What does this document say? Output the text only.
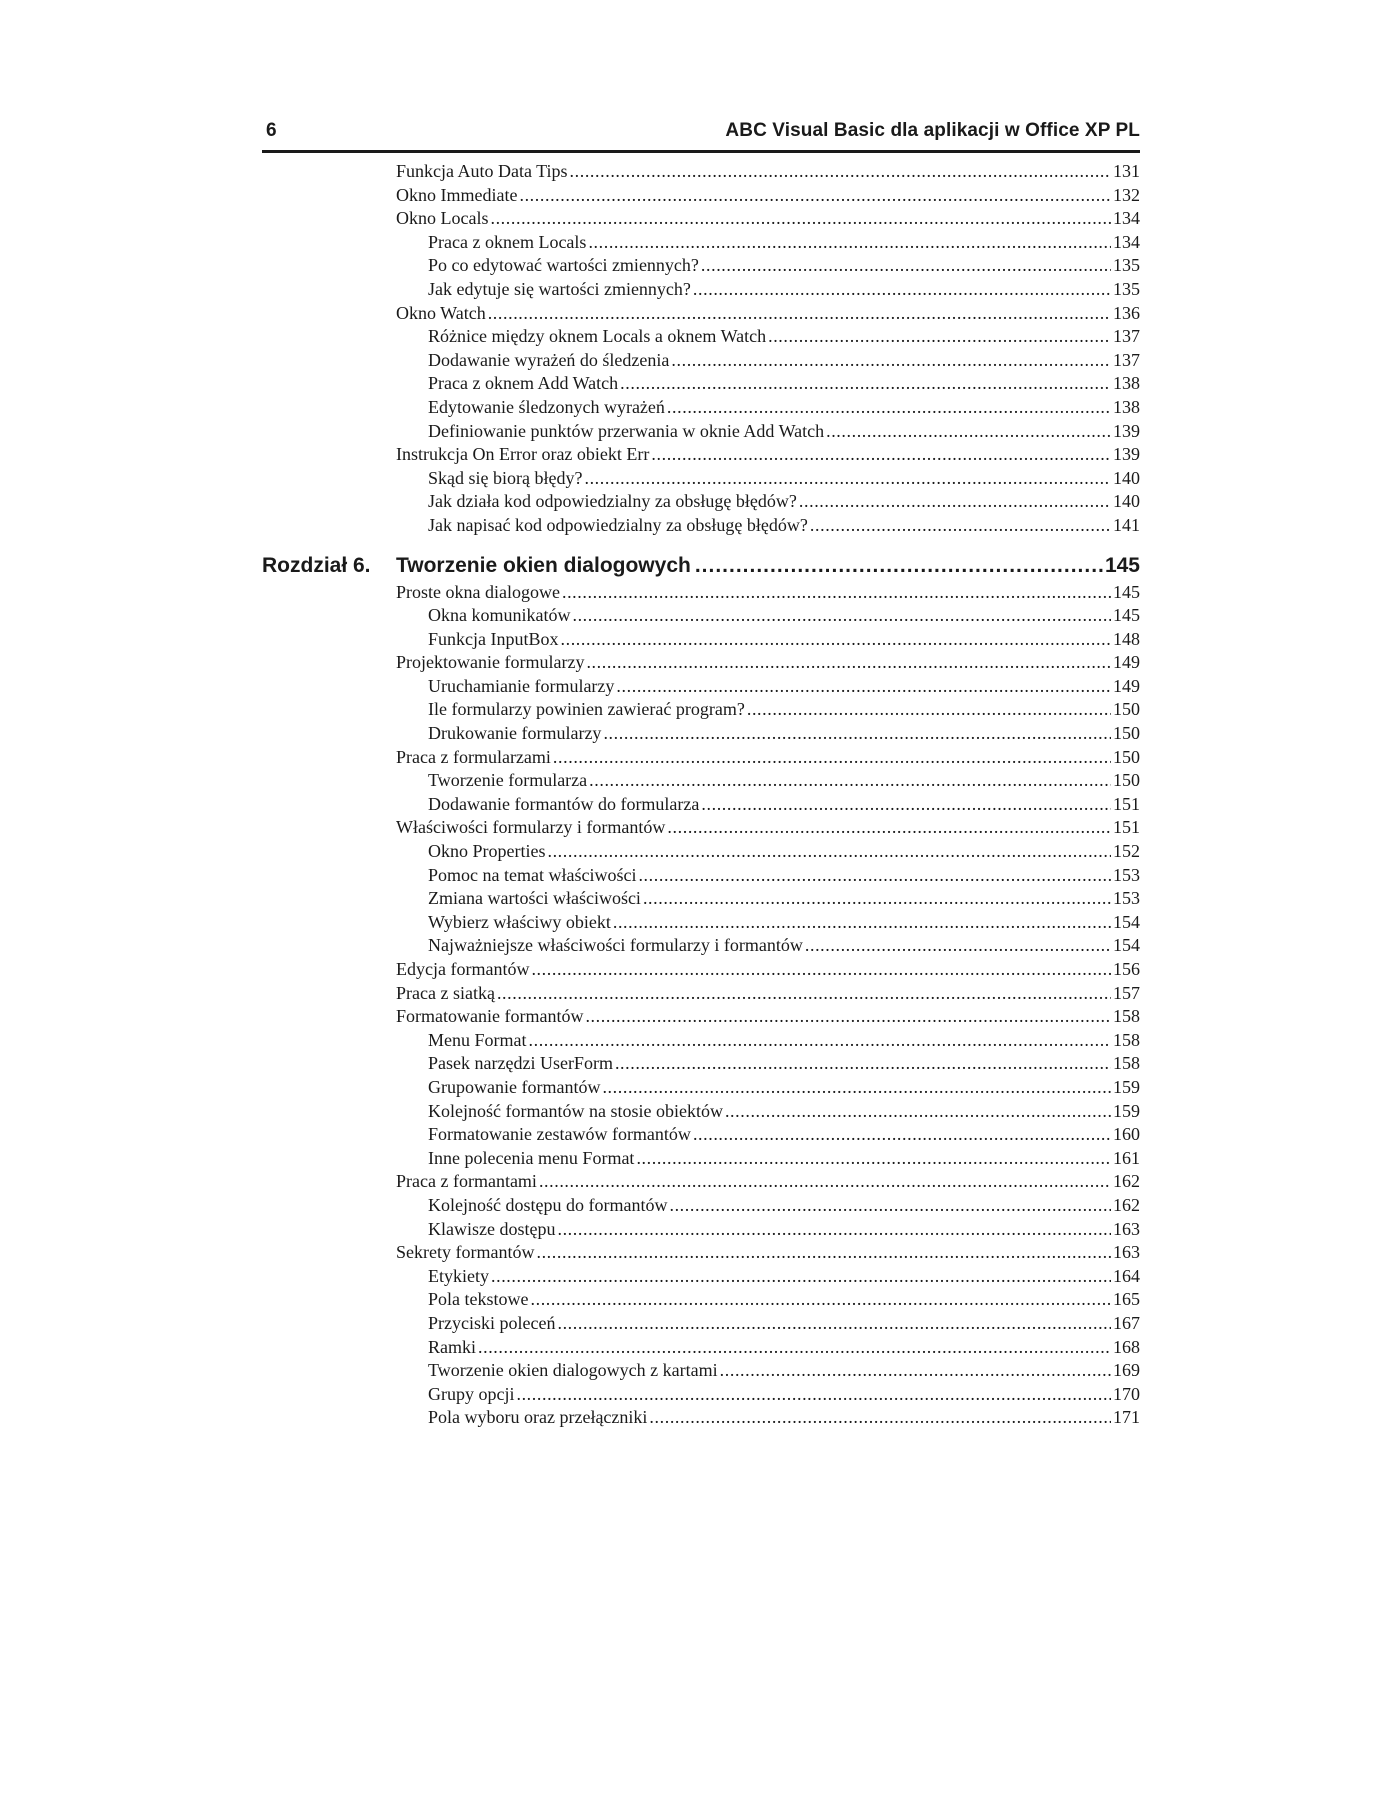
6	ABC Visual Basic dla aplikacji w Office XP PL
Funkcja Auto Data Tips .....	131
Okno Immediate .....	132
Okno Locals .....	134
Praca z oknem Locals .....	134
Po co edytować wartości zmiennych? .....	135
Jak edytuje się wartości zmiennych? .....	135
Okno Watch .....	136
Różnice między oknem Locals a oknem Watch .....	137
Dodawanie wyrażeń do śledzenia .....	137
Praca z oknem Add Watch .....	138
Edytowanie śledzonych wyrażeń .....	138
Definiowanie punktów przerwania w oknie Add Watch .....	139
Instrukcja On Error oraz obiekt Err .....	139
Skąd się biorą błędy? .....	140
Jak działa kod odpowiedzialny za obsługę błędów? .....	140
Jak napisać kod odpowiedzialny za obsługę błędów? .....	141
Rozdział 6.	Tworzenie okien dialogowych .....	145
Proste okna dialogowe .....	145
Okna komunikatów .....	145
Funkcja InputBox .....	148
Projektowanie formularzy .....	149
Uruchamianie formularzy .....	149
Ile formularzy powinien zawierać program? .....	150
Drukowanie formularzy .....	150
Praca z formularzami .....	150
Tworzenie formularza .....	150
Dodawanie formantów do formularza .....	151
Właściwości formularzy i formantów .....	151
Okno Properties .....	152
Pomoc na temat właściwości .....	153
Zmiana wartości właściwości .....	153
Wybierz właściwy obiekt .....	154
Najważniejsze właściwości formularzy i formantów .....	154
Edycja formantów .....	156
Praca z siatką .....	157
Formatowanie formantów .....	158
Menu Format .....	158
Pasek narzędzi UserForm .....	158
Grupowanie formantów .....	159
Kolejność formantów na stosie obiektów .....	159
Formatowanie zestawów formantów .....	160
Inne polecenia menu Format .....	161
Praca z formantami .....	162
Kolejność dostępu do formantów .....	162
Klawisze dostępu .....	163
Sekrety formantów .....	163
Etykiety .....	164
Pola tekstowe .....	165
Przyciski poleceń .....	167
Ramki .....	168
Tworzenie okien dialogowych z kartami .....	169
Grupy opcji .....	170
Pola wyboru oraz przełączniki .....	171
